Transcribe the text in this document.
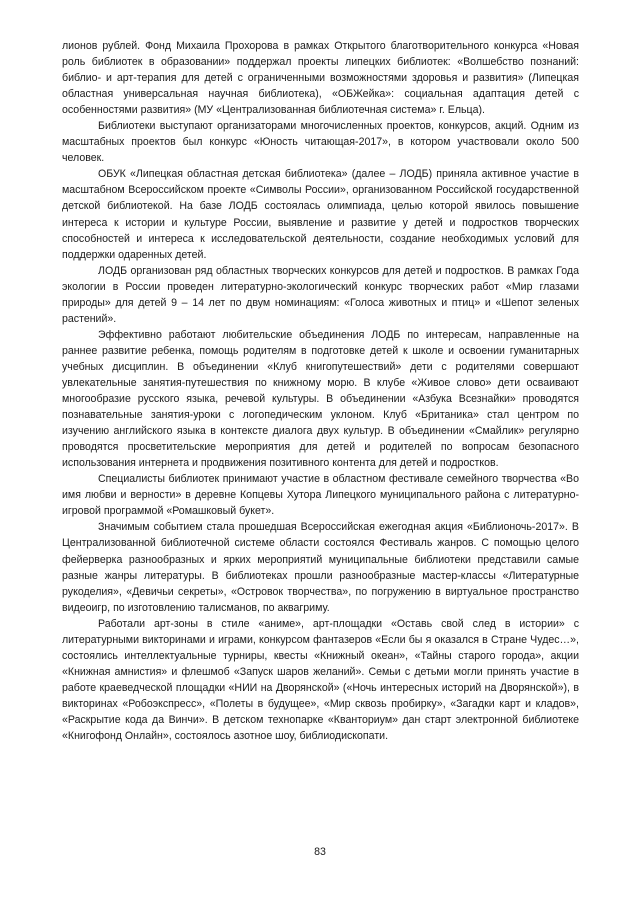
лионов рублей. Фонд Михаила Прохорова в рамках Открытого благотворительного конкурса «Новая роль библиотек в образовании» поддержал проекты липецких библиотек: «Волшебство познаний: библио- и арт-терапия для детей с ограниченными возможностями здоровья и развития» (Липецкая областная универсальная научная библиотека), «ОБЖейка»: социальная адаптация детей с особенностями развития» (МУ «Централизованная библиотечная система» г. Ельца).

Библиотеки выступают организаторами многочисленных проектов, конкурсов, акций. Одним из масштабных проектов был конкурс «Юность читающая-2017», в котором участвовали около 500 человек.

ОБУК «Липецкая областная детская библиотека» (далее – ЛОДБ) приняла активное участие в масштабном Всероссийском проекте «Символы России», организованном Российской государственной детской библиотекой. На базе ЛОДБ состоялась олимпиада, целью которой явилось повышение интереса к истории и культуре России, выявление и развитие у детей и подростков творческих способностей и интереса к исследовательской деятельности, создание необходимых условий для поддержки одаренных детей.

ЛОДБ организован ряд областных творческих конкурсов для детей и подростков. В рамках Года экологии в России проведен литературно-экологический конкурс творческих работ «Мир глазами природы» для детей 9 – 14 лет по двум номинациям: «Голоса животных и птиц» и «Шепот зеленых растений».

Эффективно работают любительские объединения ЛОДБ по интересам, направленные на раннее развитие ребенка, помощь родителям в подготовке детей к школе и освоении гуманитарных учебных дисциплин. В объединении «Клуб книгопутешествий» дети с родителями совершают увлекательные занятия-путешествия по книжному морю. В клубе «Живое слово» дети осваивают многообразие русского языка, речевой культуры. В объединении «Азбука Всезнайки» проводятся познавательные занятия-уроки с логопедическим уклоном. Клуб «Британика» стал центром по изучению английского языка в контексте диалога двух культур. В объединении «Смайлик» регулярно проводятся просветительские мероприятия для детей и родителей по вопросам безопасного использования интернета и продвижения позитивного контента для детей и подростков.

Специалисты библиотек принимают участие в областном фестивале семейного творчества «Во имя любви и верности» в деревне Копцевы Хутора Липецкого муниципального района с литературно-игровой программой «Ромашковый букет».

Значимым событием стала прошедшая Всероссийская ежегодная акция «Библионочь-2017». В Централизованной библиотечной системе области состоялся Фестиваль жанров. С помощью целого фейерверка разнообразных и ярких мероприятий муниципальные библиотеки представили самые разные жанры литературы. В библиотеках прошли разнообразные мастер-классы «Литературные рукоделия», «Девичьи секреты», «Островок творчества», по погружению в виртуальное пространство видеоигр, по изготовлению талисманов, по аквагриму.

Работали арт-зоны в стиле «аниме», арт-площадки «Оставь свой след в истории» с литературными викторинами и играми, конкурсом фантазеров «Если бы я оказался в Стране Чудес…», состоялись интеллектуальные турниры, квесты «Книжный океан», «Тайны старого города», акции «Книжная амнистия» и флешмоб «Запуск шаров желаний». Семьи с детьми могли принять участие в работе краеведческой площадки «НИИ на Дворянской» («Ночь интересных историй на Дворянской»), в викторинах «Робоэкспресс», «Полеты в будущее», «Мир сквозь пробирку», «Загадки карт и кладов», «Раскрытие кода да Винчи». В детском технопарке «Кванториум» дан старт электронной библиотеке «Книгофонд Онлайн», состоялось азотное шоу, библиодископати.

83
